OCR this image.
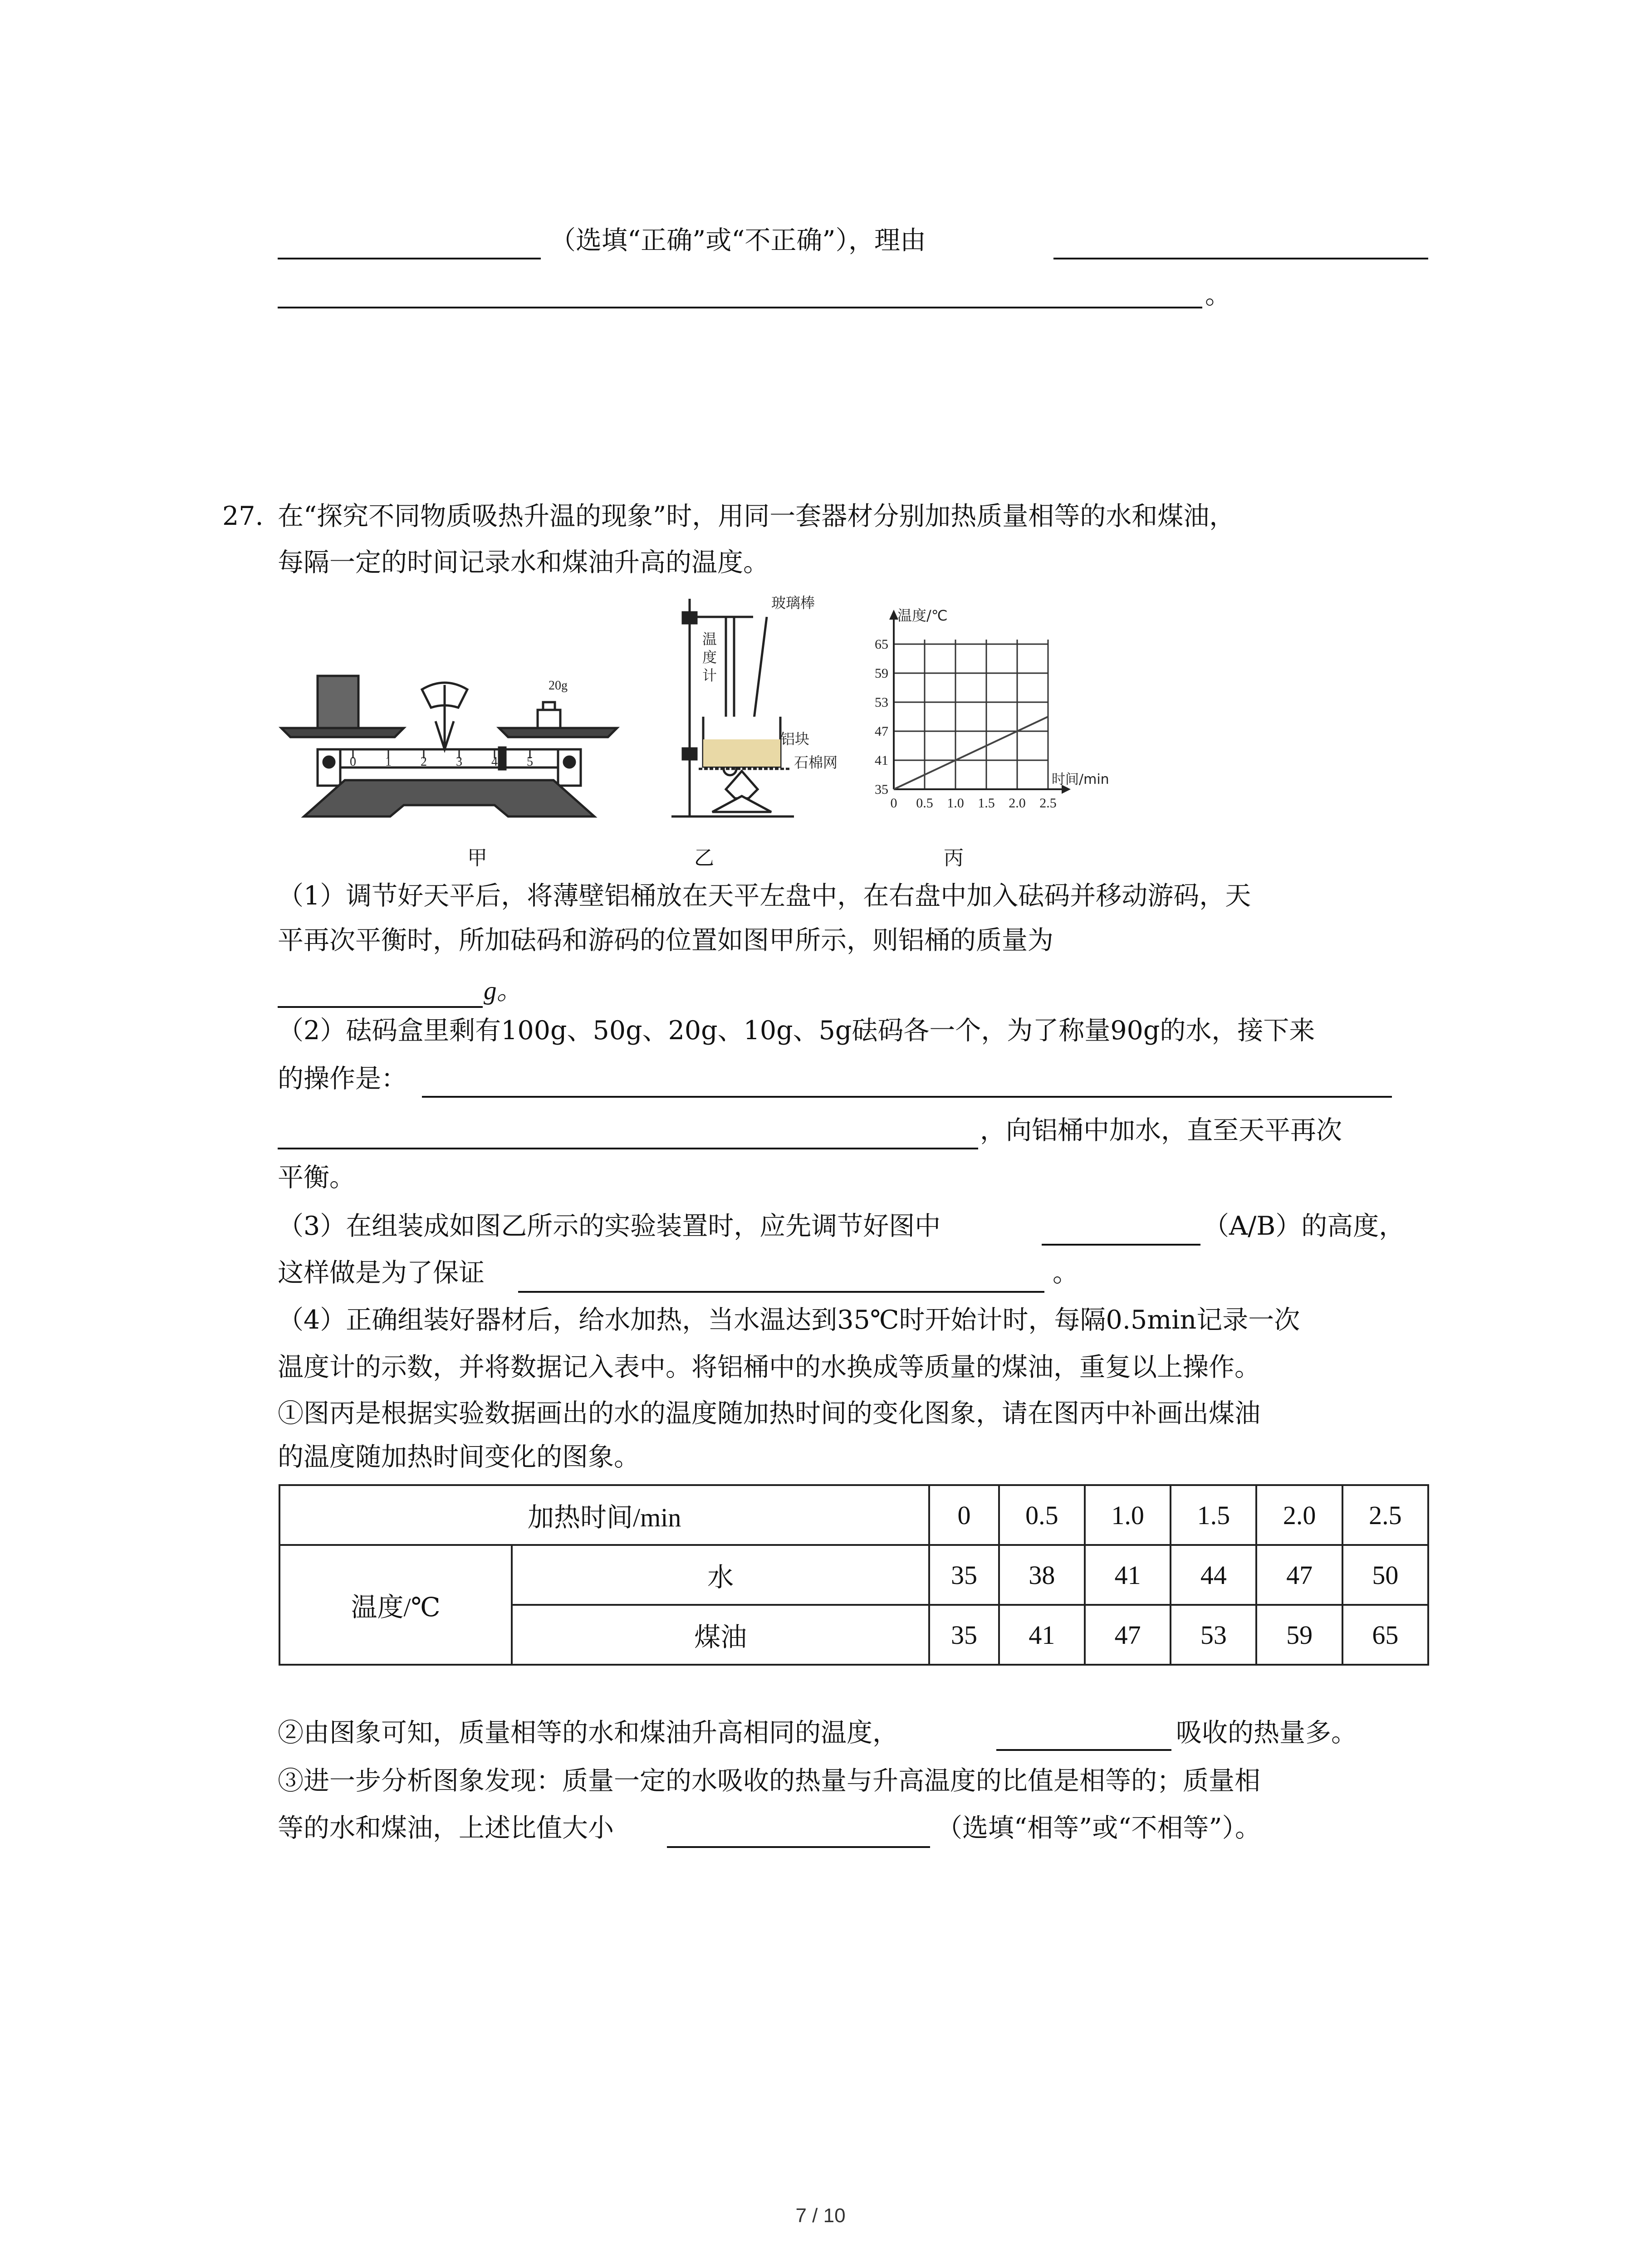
（选填“正确”或“不正确”），理由
。
27. 在“探究不同物质吸热升温的现象”时，用同一套器材分别加热质量相等的水和煤油，
每隔一定的时间记录水和煤油升高的温度。
0 1 2 3 4 5
20g
甲
玻璃棒
铝块
石棉网
温
度
计
乙
35
41
47
53
59
65
0 0.5 1.0 1.5 2.0 2.5
温度/℃
时间/min
丙
（1）调节好天平后，将薄壁铝桶放在天平左盘中，在右盘中加入砝码并移动游码，天
平再次平衡时，所加砝码和游码的位置如图甲所示，则铝桶的质量为
g。
（2）砝码盒里剩有100g、50g、20g、10g、5g砝码各一个，为了称量90g的水，接下来
的操作是：
，向铝桶中加水，直至天平再次
平衡。
（3）在组装成如图乙所示的实验装置时，应先调节好图中	（A/B）的高度，
这样做是为了保证	。
（4）正确组装好器材后，给水加热，当水温达到35℃时开始计时，每隔0.5min记录一次
温度计的示数，并将数据记入表中。将铝桶中的水换成等质量的煤油，重复以上操作。
①图丙是根据实验数据画出的水的温度随加热时间的变化图象，请在图丙中补画出煤油
的温度随加热时间变化的图象。
加热时间/min		0	0.5	1.0	1.5	2.0	2.5
温度/℃	水	35	38	41	44	47	50
	煤油	35	41	47	53	59	65
②由图象可知，质量相等的水和煤油升高相同的温度，	吸收的热量多。
③进一步分析图象发现：质量一定的水吸收的热量与升高温度的比值是相等的；质量相
等的水和煤油，上述比值大小	（选填“相等”或“不相等”）。
7 / 10
